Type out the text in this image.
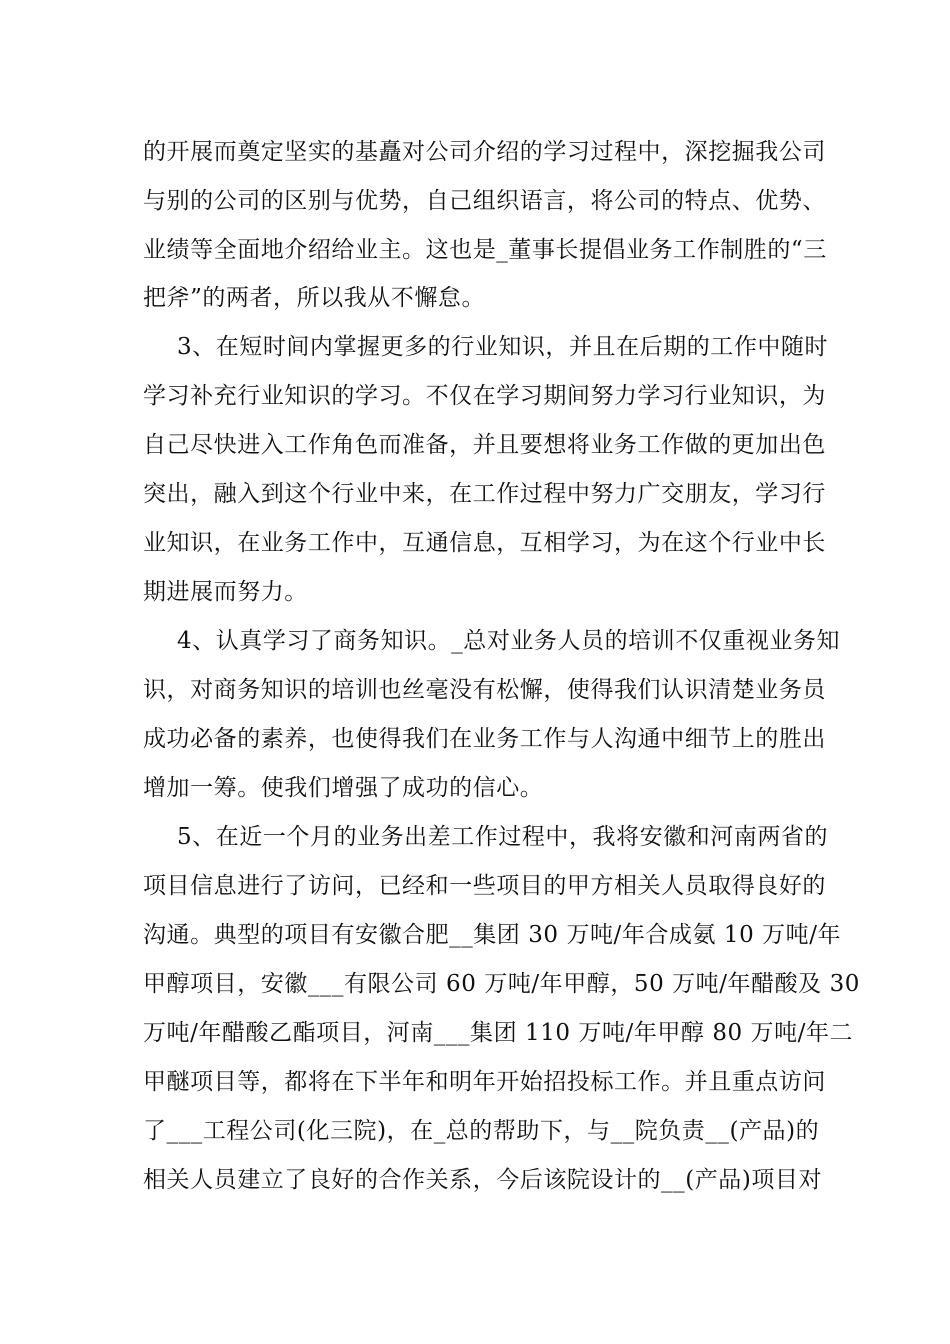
的开展而奠定坚实的基矗对公司介绍的学习过程中，深挖掘我公司
与别的公司的区别与优势，自己组织语言，将公司的特点、优势、
业绩等全面地介绍给业主。这也是_董事长提倡业务工作制胜的“三
把斧”的两者，所以我从不懈怠。
3、在短时间内掌握更多的行业知识，并且在后期的工作中随时
学习补充行业知识的学习。不仅在学习期间努力学习行业知识，为
自己尽快进入工作角色而准备，并且要想将业务工作做的更加出色
突出，融入到这个行业中来，在工作过程中努力广交朋友，学习行
业知识，在业务工作中，互通信息，互相学习，为在这个行业中长
期进展而努力。
4、认真学习了商务知识。_总对业务人员的培训不仅重视业务知
识，对商务知识的培训也丝毫没有松懈，使得我们认识清楚业务员
成功必备的素养，也使得我们在业务工作与人沟通中细节上的胜出
增加一筹。使我们增强了成功的信心。
5、在近一个月的业务出差工作过程中，我将安徽和河南两省的
项目信息进行了访问，已经和一些项目的甲方相关人员取得良好的
沟通。典型的项目有安徽合肥__集团 30 万吨/年合成氨 10 万吨/年
甲醇项目，安徽___有限公司 60 万吨/年甲醇，50 万吨/年醋酸及 30
万吨/年醋酸乙酯项目，河南___集团 110 万吨/年甲醇 80 万吨/年二
甲醚项目等，都将在下半年和明年开始招投标工作。并且重点访问
了___工程公司(化三院)，在_总的帮助下，与__院负责__(产品)的
相关人员建立了良好的合作关系，今后该院设计的__(产品)项目对
